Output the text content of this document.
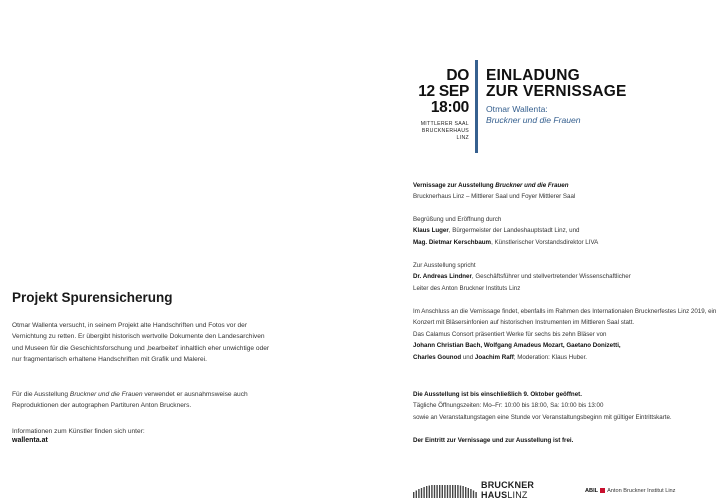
Projekt Spurensicherung

Otmar Wallenta versucht, in seinem Projekt alte Handschriften und Fotos vor der Vernichtung zu retten. Er übergibt historisch wertvolle Dokumente den Landesarchiven und Museen für die Geschichtsforschung und ‚bearbeitet' inhaltlich eher unwichtige oder nur fragmentarisch erhaltene Handschriften mit Grafik und Malerei.

Für die Ausstellung Bruckner und die Frauen verwendet er ausnahmsweise auch Reproduktionen der autographen Partituren Anton Bruckners.

Informationen zum Künstler finden sich unter:

wallenta.at
DO
12 SEP
18:00
MITTLERER SAAL
BRUCKNERHAUS
LINZ
EINLADUNG
ZUR VERNISSAGE
Otmar Wallenta:
Bruckner und die Frauen
Vernissage zur Ausstellung Bruckner und die Frauen
Brucknerhaus Linz – Mittlerer Saal und Foyer Mittlerer Saal
Begrüßung und Eröffnung durch
Klaus Luger, Bürgermeister der Landeshauptstadt Linz, und
Mag. Dietmar Kerschbaum, Künstlerischer Vorstandsdirektor LIVA
Zur Ausstellung spricht
Dr. Andreas Lindner, Geschäftsführer und stellvertretender Wissenschaftlicher
Leiter des Anton Bruckner Instituts Linz
Im Anschluss an die Vernissage findet, ebenfalls im Rahmen des Internationalen Brucknerfestes Linz 2019, ein Konzert mit Bläsersinfonien auf historischen Instrumenten im Mittleren Saal statt.
Das Calamus Consort präsentiert Werke für sechs bis zehn Bläser von
Johann Christian Bach, Wolfgang Amadeus Mozart, Gaetano Donizetti,
Charles Gounod und Joachim Raff; Moderation: Klaus Huber.
Die Ausstellung ist bis einschließlich 9. Oktober geöffnet.
Tägliche Öffnungszeiten: Mo–Fr: 10:00 bis 18:00, Sa: 10:00 bis 13:00
sowie an Veranstaltungstagen eine Stunde vor Veranstaltungsbeginn mit gültiger Eintrittskarte.
Der Eintritt zur Vernissage und zur Ausstellung ist frei.
BRUCKNER
HAUSLINZ	ABIL Anton Bruckner Institut Linz
